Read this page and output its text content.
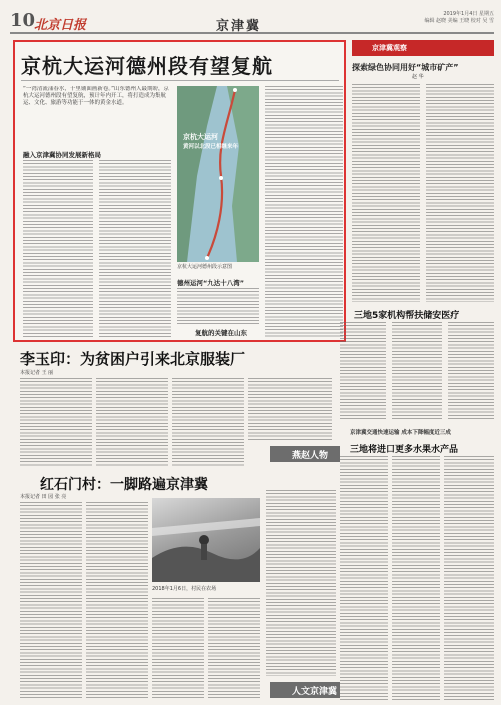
10
北京日报	京津冀
2019年1月4日 星期五
编辑 赵晓 美编 王晓 校对 吴 雪
京杭大运河德州段有望复航
“一湾清流漾春水，十里铺面画新卷。”山东德州人最期盼，京杭大运河德州段有望复航，预计年内开工，将打造成为集航运、文化、旅游等功能于一体的黄金水道。
融入京津冀协同发展新格局
京杭大运河
黄河以北段已相继来年
京杭大运河德州段示意图
德州运河“九达十八湾”
复航的关键在山东
京津冀观察
探索绿色协同用好“城市矿产”
赵 华
三地5家机构帮扶储安医疗
李玉印：为贫困户引来北京服装厂
本报记者 王 丽
燕赵人物
红石门村：一脚路遍京津冀
本报记者 田 园 张 亮
2018年1月6日，村民在农场
京津冀交通快速运输 成本下降幅度近三成
三地将进口更多水果水产品
人文京津冀
